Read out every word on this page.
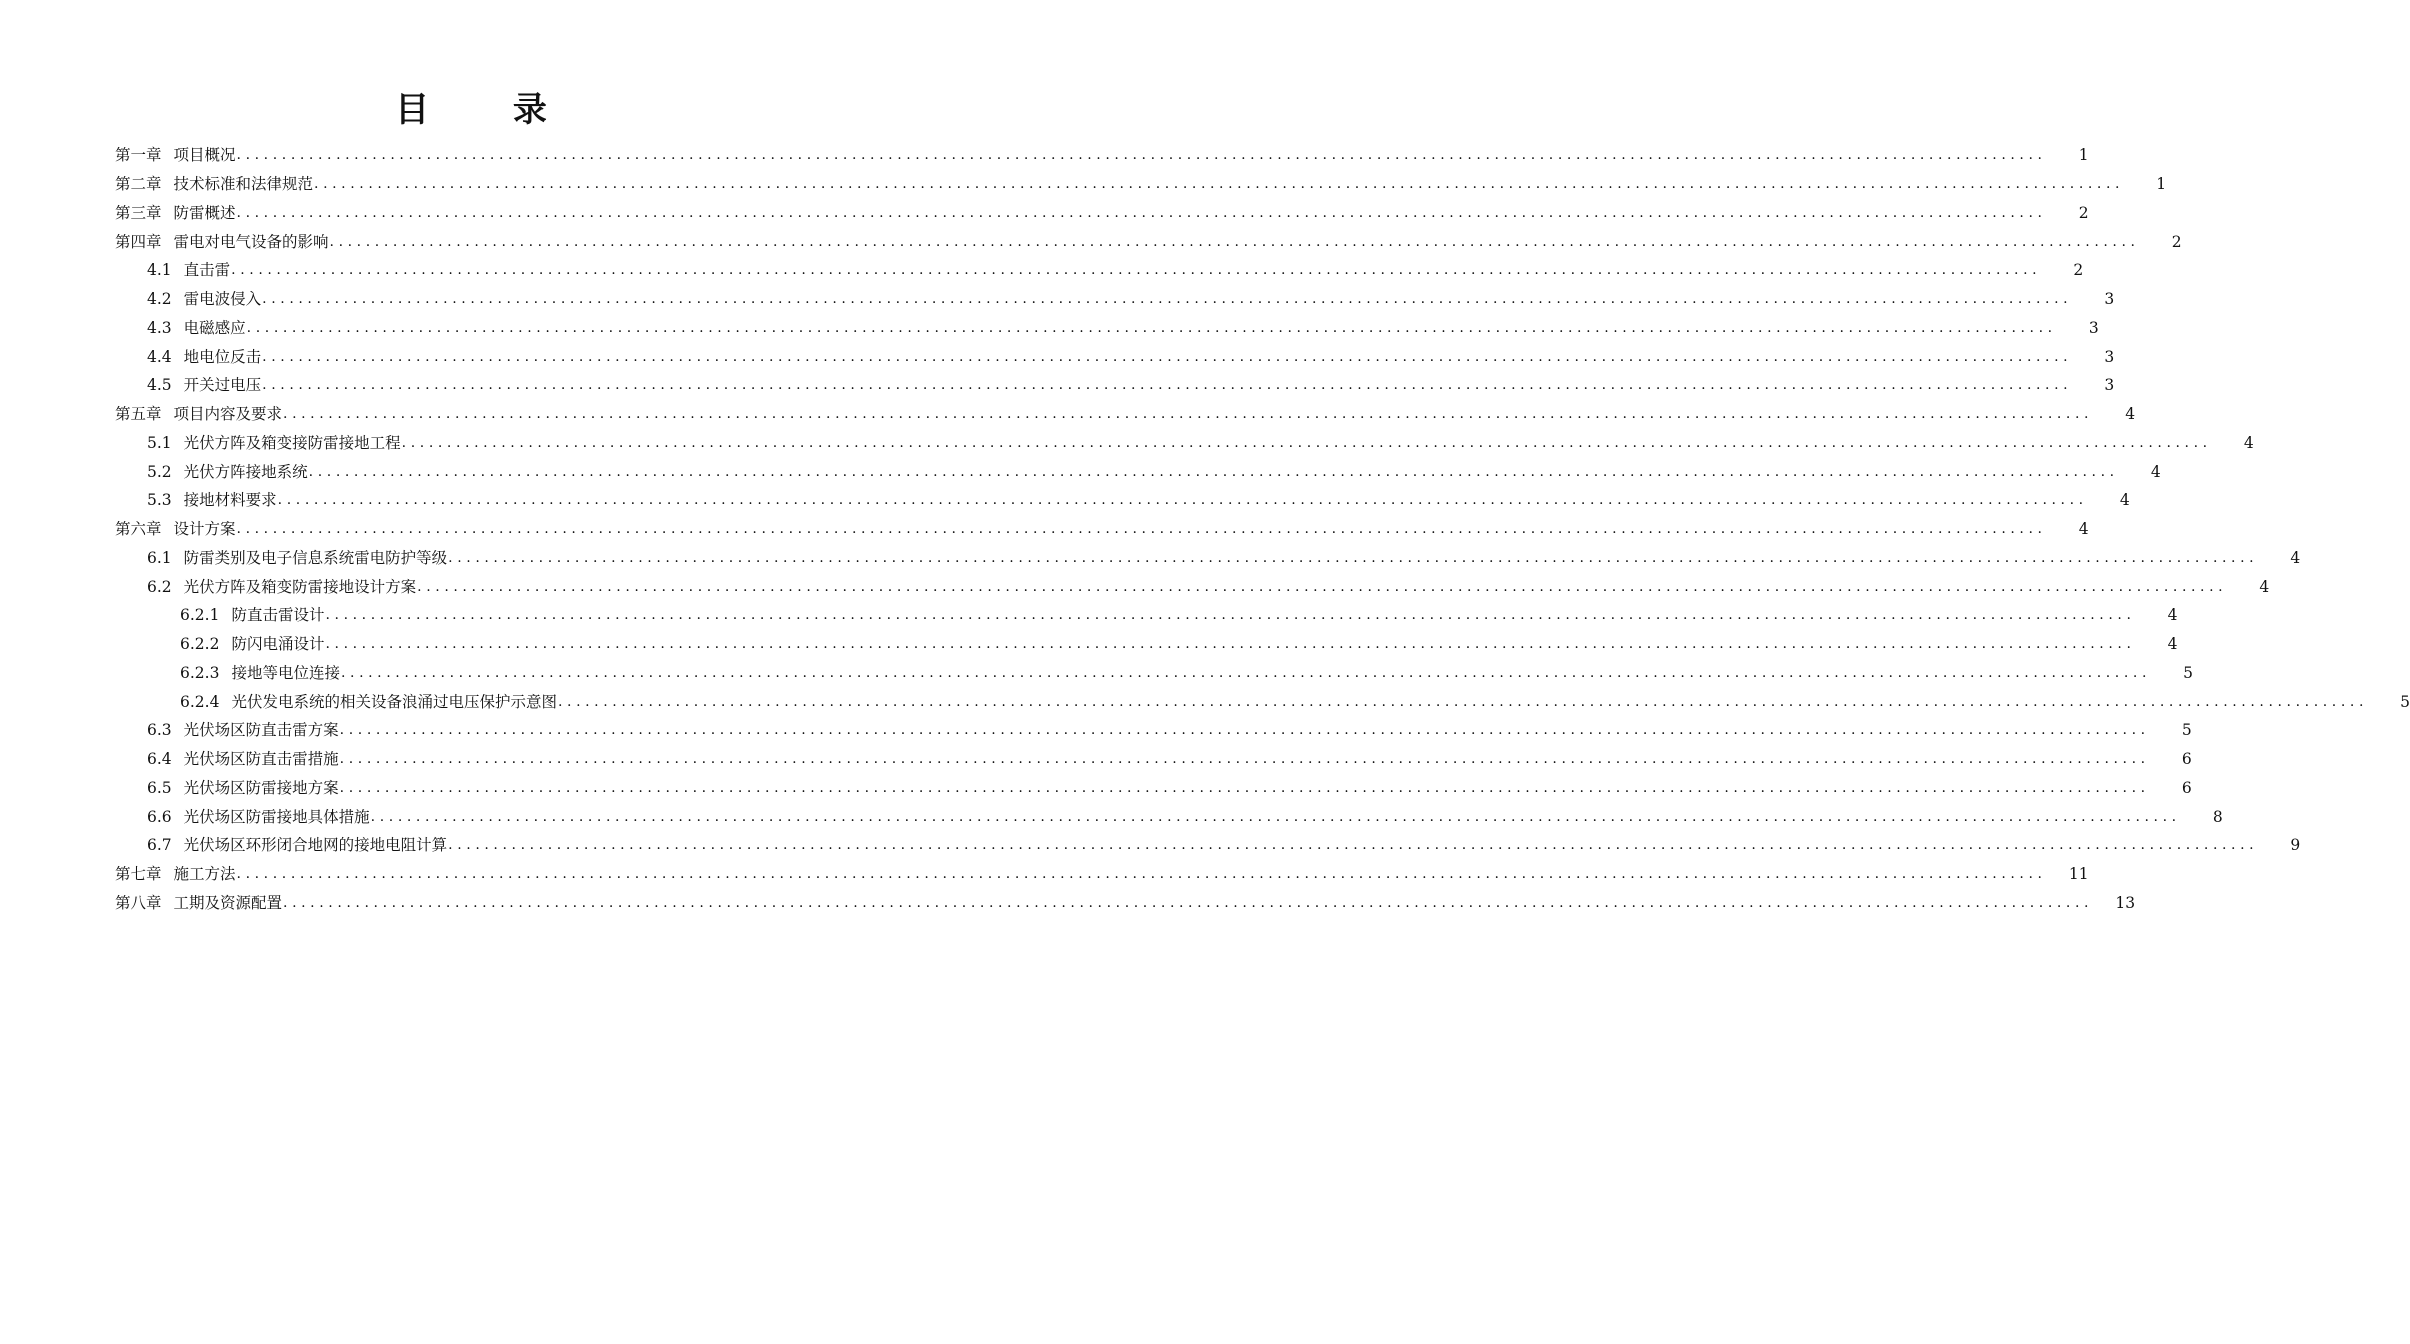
目 录
第一章 项目概况 ........................................................................................................................................................................................................	1
第二章 技术标准和法律规范 ........................................................................................................................................................................................................	1
第三章 防雷概述 ........................................................................................................................................................................................................	2
第四章 雷电对电气设备的影响 ........................................................................................................................................................................................................	2
4.1 直击雷 ........................................................................................................................................................................................................	2
4.2 雷电波侵入 ........................................................................................................................................................................................................	3
4.3 电磁感应 ........................................................................................................................................................................................................	3
4.4 地电位反击 ........................................................................................................................................................................................................	3
4.5 开关过电压 ........................................................................................................................................................................................................	3
第五章 项目内容及要求 ........................................................................................................................................................................................................	4
5.1 光伏方阵及箱变接防雷接地工程 ........................................................................................................................................................................................................	4
5.2 光伏方阵接地系统 ........................................................................................................................................................................................................	4
5.3 接地材料要求 ........................................................................................................................................................................................................	4
第六章 设计方案 ........................................................................................................................................................................................................	4
6.1 防雷类别及电子信息系统雷电防护等级 ........................................................................................................................................................................................................	4
6.2 光伏方阵及箱变防雷接地设计方案 ........................................................................................................................................................................................................	4
6.2.1 防直击雷设计 ........................................................................................................................................................................................................	4
6.2.2 防闪电涌设计 ........................................................................................................................................................................................................	4
6.2.3 接地等电位连接 ........................................................................................................................................................................................................	5
6.2.4 光伏发电系统的相关设备浪涌过电压保护示意图 ........................................................................................................................................................................................................	5
6.3 光伏场区防直击雷方案 ........................................................................................................................................................................................................	5
6.4 光伏场区防直击雷措施 ........................................................................................................................................................................................................	6
6.5 光伏场区防雷接地方案 ........................................................................................................................................................................................................	6
6.6 光伏场区防雷接地具体措施 ........................................................................................................................................................................................................	8
6.7 光伏场区环形闭合地网的接地电阻计算 ........................................................................................................................................................................................................	9
第七章 施工方法 ........................................................................................................................................................................................................	11
第八章 工期及资源配置 ........................................................................................................................................................................................................	13
